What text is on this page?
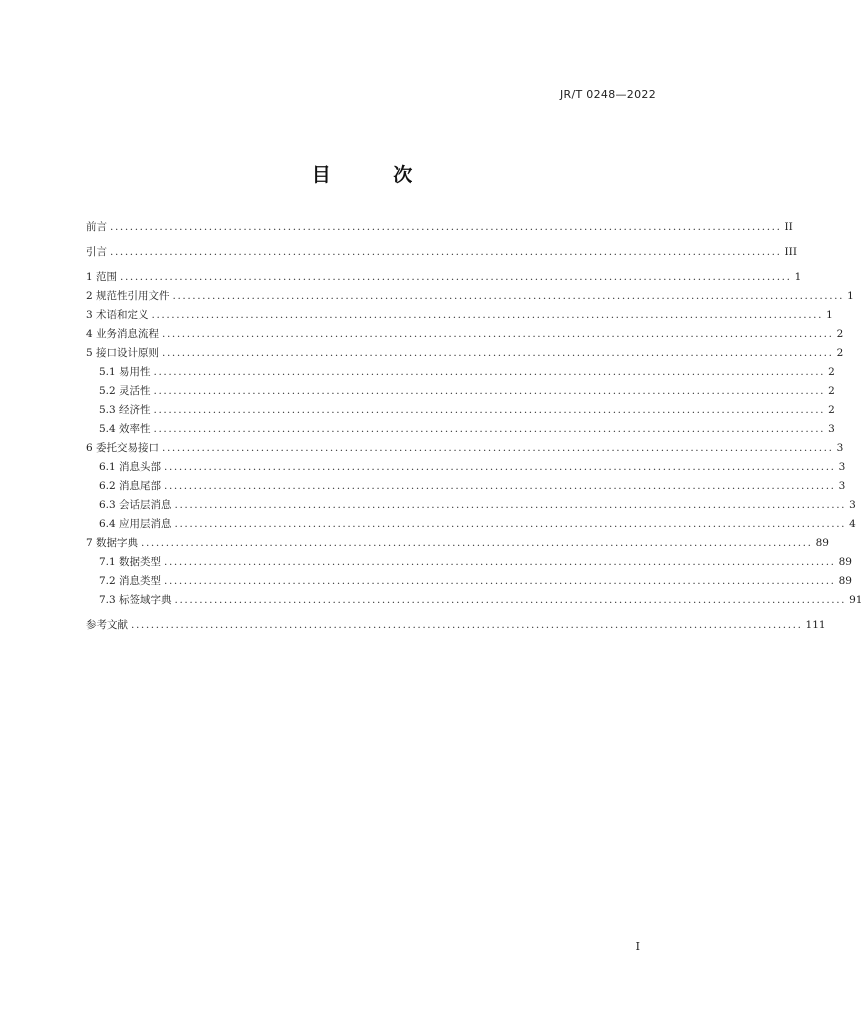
JR/T 0248—2022
目 次
前言 ........................................................................................................................................ II
引言 ........................................................................................................................................ III
1 范围 ........................................................................................................................................ 1
2 规范性引用文件 ........................................................................................................................................ 1
3 术语和定义 ........................................................................................................................................ 1
4 业务消息流程 ........................................................................................................................................ 2
5 接口设计原则 ........................................................................................................................................ 2
5.1 易用性 ........................................................................................................................................ 2
5.2 灵活性 ........................................................................................................................................ 2
5.3 经济性 ........................................................................................................................................ 2
5.4 效率性 ........................................................................................................................................ 3
6 委托交易接口 ........................................................................................................................................ 3
6.1 消息头部 ........................................................................................................................................ 3
6.2 消息尾部 ........................................................................................................................................ 3
6.3 会话层消息 ........................................................................................................................................ 3
6.4 应用层消息 ........................................................................................................................................ 4
7 数据字典 ........................................................................................................................................ 89
7.1 数据类型 ........................................................................................................................................ 89
7.2 消息类型 ........................................................................................................................................ 89
7.3 标签域字典 ........................................................................................................................................ 91
参考文献 ........................................................................................................................................ 111
I
